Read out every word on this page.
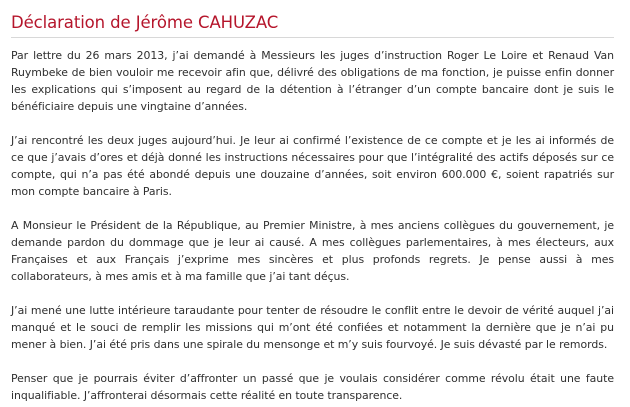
Déclaration de Jérôme CAHUZAC

Par lettre du 26 mars 2013, j’ai demandé à Messieurs les juges d’instruction Roger Le Loire et Renaud Van Ruymbeke de bien vouloir me recevoir afin que, délivré des obligations de ma fonction, je puisse enfin donner les explications qui s’imposent au regard de la détention à l’étranger d’un compte bancaire dont je suis le bénéficiaire depuis une vingtaine d’années.

J’ai rencontré les deux juges aujourd’hui. Je leur ai confirmé l’existence de ce compte et je les ai informés de ce que j’avais d’ores et déjà donné les instructions nécessaires pour que l’intégralité des actifs déposés sur ce compte, qui n’a pas été abondé depuis une douzaine d’années, soit environ 600.000 €, soient rapatriés sur mon compte bancaire à Paris.

A Monsieur le Président de la République, au Premier Ministre, à mes anciens collègues du gouvernement, je demande pardon du dommage que je leur ai causé. A mes collègues parlementaires, à mes électeurs, aux Françaises et aux Français j’exprime mes sincères et plus profonds regrets. Je pense aussi à mes collaborateurs, à mes amis et à ma famille que j’ai tant déçus.

J’ai mené une lutte intérieure taraudante pour tenter de résoudre le conflit entre le devoir de vérité auquel j’ai manqué et le souci de remplir les missions qui m’ont été confiées et notamment la dernière que je n’ai pu mener à bien. J’ai été pris dans une spirale du mensonge et m’y suis fourvoyé. Je suis dévasté par le remords.

Penser que je pourrais éviter d’affronter un passé que je voulais considérer comme révolu était une faute inqualifiable. J’affronterai désormais cette réalité en toute transparence.
